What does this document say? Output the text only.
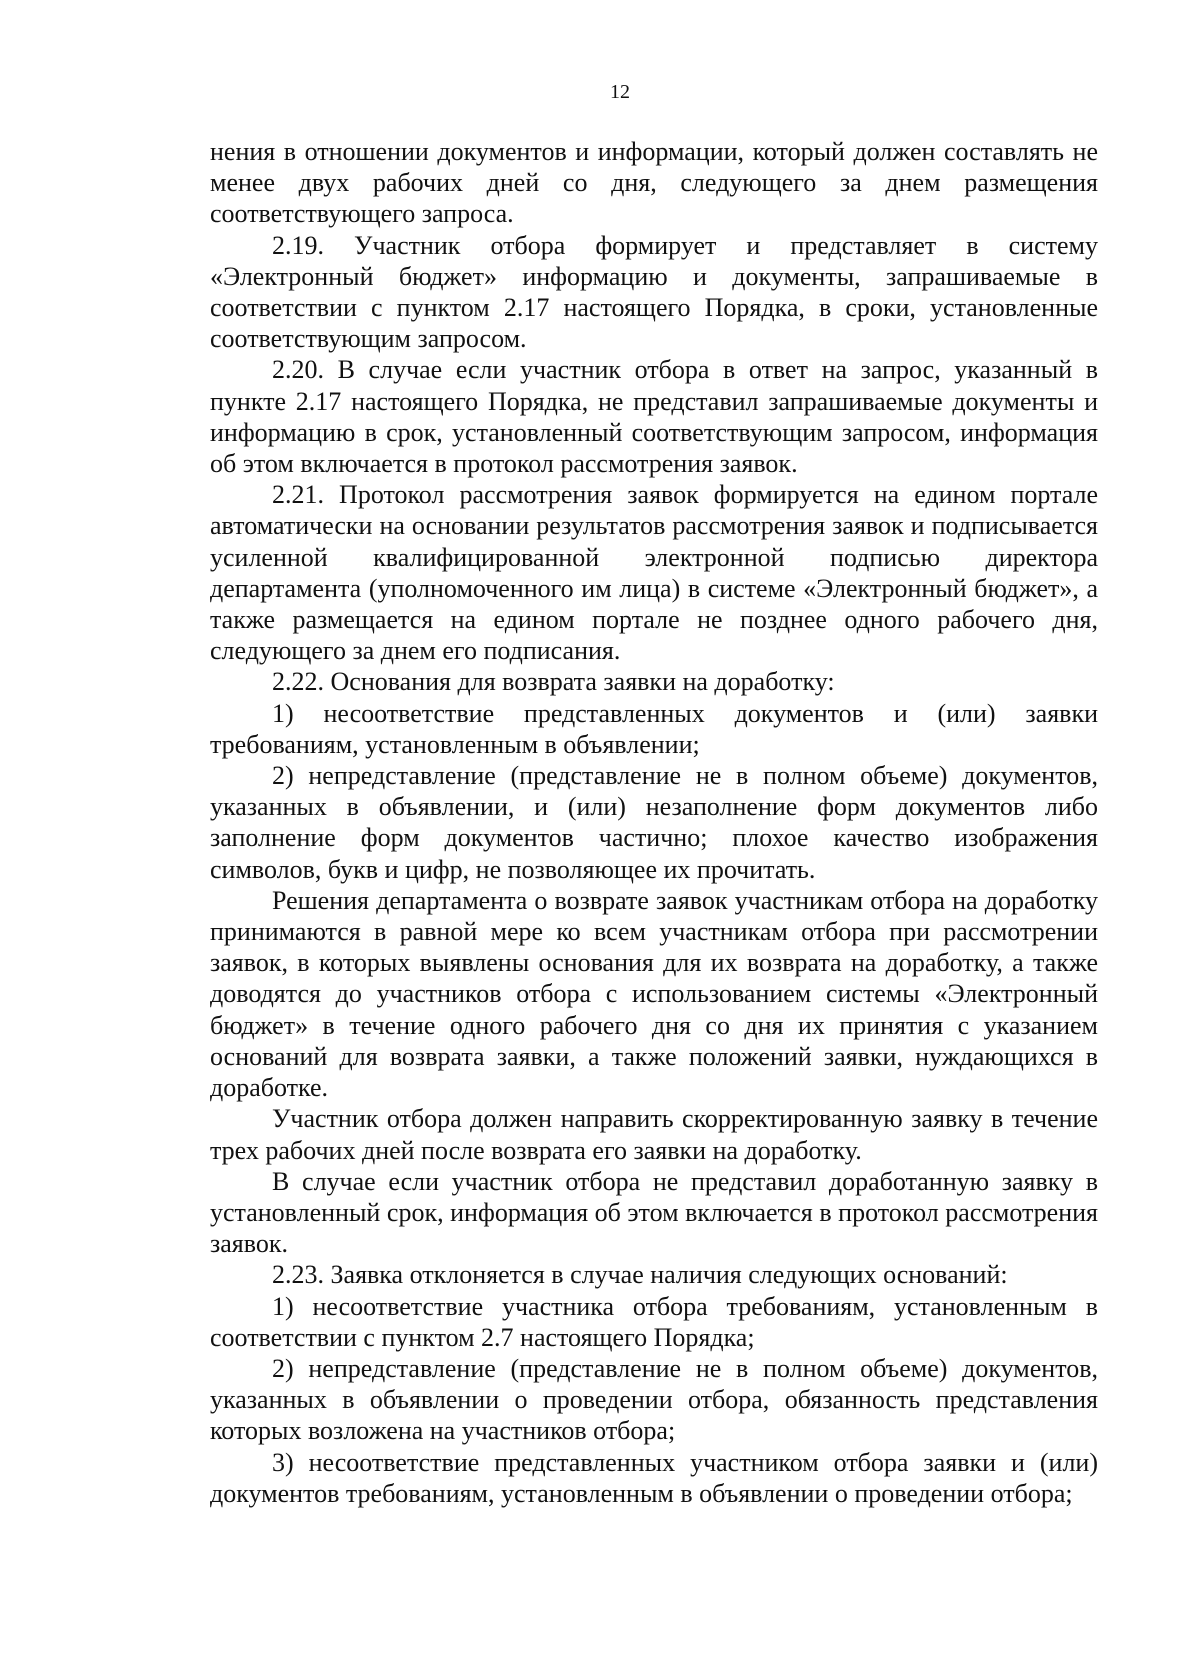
12

нения в отношении документов и информации, который должен составлять не менее двух рабочих дней со дня, следующего за днем размещения соответствующего запроса.

2.19. Участник отбора формирует и представляет в систему «Электронный бюджет» информацию и документы, запрашиваемые в соответствии с пунктом 2.17 настоящего Порядка, в сроки, установленные соответствующим запросом.

2.20. В случае если участник отбора в ответ на запрос, указанный в пункте 2.17 настоящего Порядка, не представил запрашиваемые документы и информацию в срок, установленный соответствующим запросом, информация об этом включается в протокол рассмотрения заявок.

2.21. Протокол рассмотрения заявок формируется на едином портале автоматически на основании результатов рассмотрения заявок и подписывается усиленной квалифицированной электронной подписью директора департамента (уполномоченного им лица) в системе «Электронный бюджет», а также размещается на едином портале не позднее одного рабочего дня, следующего за днем его подписания.

2.22. Основания для возврата заявки на доработку:

1) несоответствие представленных документов и (или) заявки требованиям, установленным в объявлении;

2) непредставление (представление не в полном объеме) документов, указанных в объявлении, и (или) незаполнение форм документов либо заполнение форм документов частично; плохое качество изображения символов, букв и цифр, не позволяющее их прочитать.

Решения департамента о возврате заявок участникам отбора на доработку принимаются в равной мере ко всем участникам отбора при рассмотрении заявок, в которых выявлены основания для их возврата на доработку, а также доводятся до участников отбора с использованием системы «Электронный бюджет» в течение одного рабочего дня со дня их принятия с указанием оснований для возврата заявки, а также положений заявки, нуждающихся в доработке.

Участник отбора должен направить скорректированную заявку в течение трех рабочих дней после возврата его заявки на доработку.

В случае если участник отбора не представил доработанную заявку в установленный срок, информация об этом включается в протокол рассмотрения заявок.

2.23. Заявка отклоняется в случае наличия следующих оснований:

1) несоответствие участника отбора требованиям, установленным в соответствии с пунктом 2.7 настоящего Порядка;

2) непредставление (представление не в полном объеме) документов, указанных в объявлении о проведении отбора, обязанность представления которых возложена на участников отбора;

3) несоответствие представленных участником отбора заявки и (или) документов требованиям, установленным в объявлении о проведении отбора;
